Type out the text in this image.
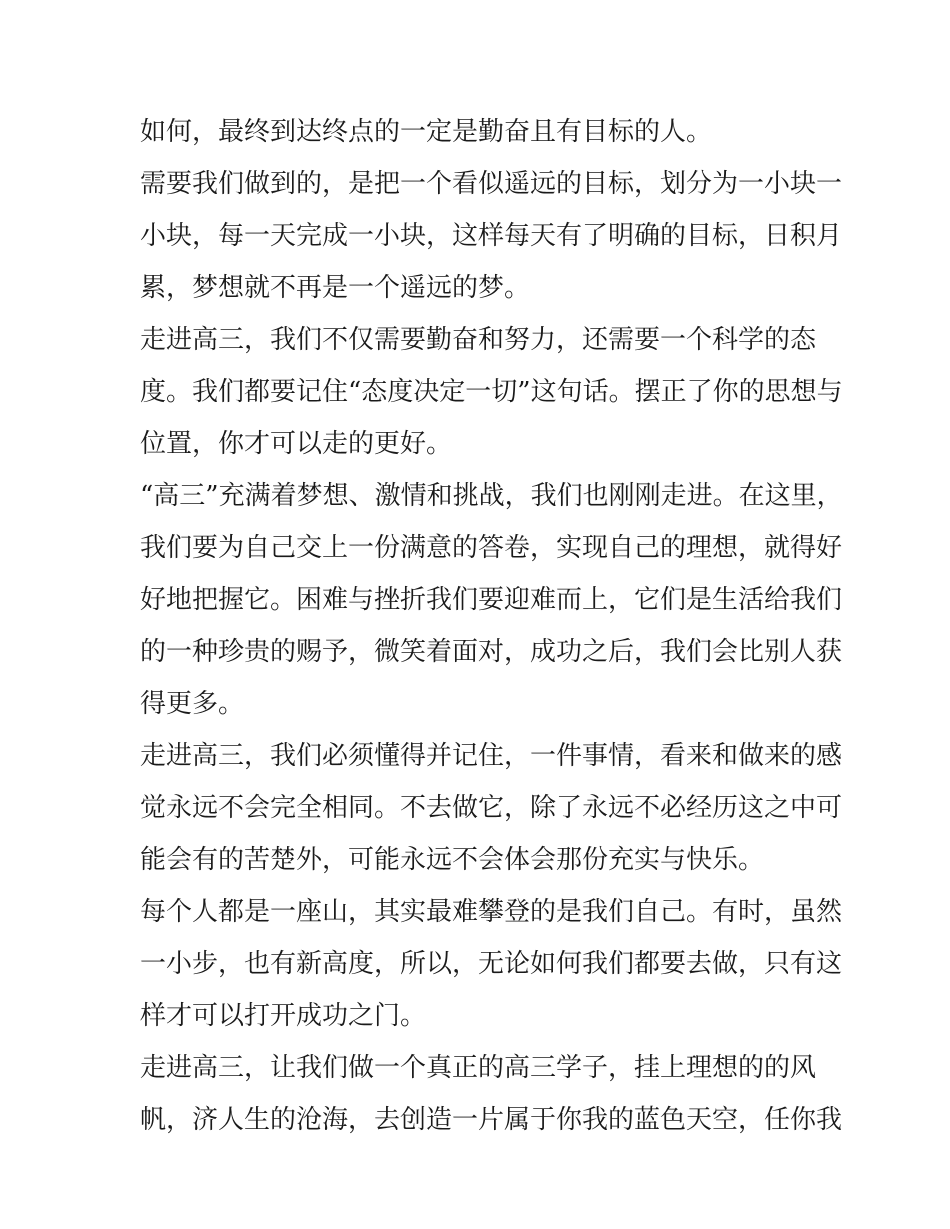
如何，最终到达终点的一定是勤奋且有目标的人。
需要我们做到的，是把一个看似遥远的目标，划分为一小块一
小块，每一天完成一小块，这样每天有了明确的目标，日积月
累，梦想就不再是一个遥远的梦。
走进高三，我们不仅需要勤奋和努力，还需要一个科学的态
度。我们都要记住“态度决定一切”这句话。摆正了你的思想与
位置，你才可以走的更好。
“高三”充满着梦想、激情和挑战，我们也刚刚走进。在这里，
我们要为自己交上一份满意的答卷，实现自己的理想，就得好
好地把握它。困难与挫折我们要迎难而上，它们是生活给我们
的一种珍贵的赐予，微笑着面对，成功之后，我们会比别人获
得更多。
走进高三，我们必须懂得并记住，一件事情，看来和做来的感
觉永远不会完全相同。不去做它，除了永远不必经历这之中可
能会有的苦楚外，可能永远不会体会那份充实与快乐。
每个人都是一座山，其实最难攀登的是我们自己。有时，虽然
一小步，也有新高度，所以，无论如何我们都要去做，只有这
样才可以打开成功之门。
走进高三，让我们做一个真正的高三学子，挂上理想的的风
帆，济人生的沧海，去创造一片属于你我的蓝色天空，任你我
